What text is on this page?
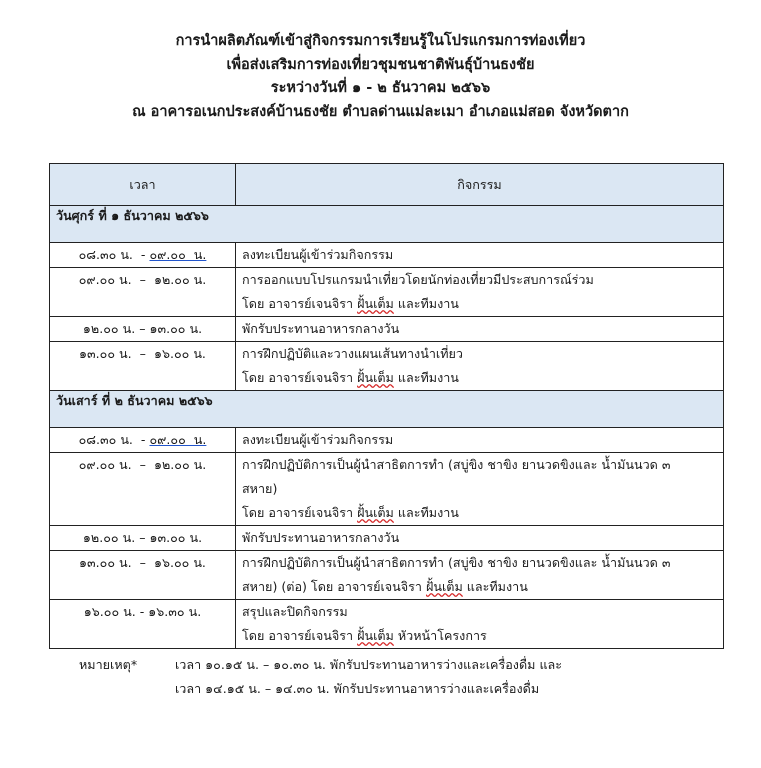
การนำผลิตภัณฑ์เข้าสู่กิจกรรมการเรียนรู้ในโปรแกรมการท่องเที่ยว
เพื่อส่งเสริมการท่องเที่ยวชุมชนชาติพันธุ์บ้านธงชัย
ระหว่างวันที่ ๑ - ๒ ธันวาคม ๒๕๖๖
ณ อาคารอเนกประสงค์บ้านธงชัย ตำบลด่านแม่ละเมา อำเภอแม่สอด จังหวัดตาก
เวลา	กิจกรรม
วันศุกร์ ที่ ๑ ธันวาคม ๒๕๖๖	
๐๘.๓๐ น.  - ๐๙.๐๐  น.	ลงทะเบียนผู้เข้าร่วมกิจกรรม

๐๙.๐๐ น.  –  ๑๒.๐๐ น.	การออกแบบโปรแกรมนำเที่ยวโดยนักท่องเที่ยวมีประสบการณ์ร่วม
โดย อาจารย์เจนจิรา ฝั้นเต็ม และทีมงาน

๑๒.๐๐ น. – ๑๓.๐๐ น.	พักรับประทานอาหารกลางวัน

๑๓.๐๐ น.  –  ๑๖.๐๐ น.	การฝึกปฏิบัติและวางแผนเส้นทางนำเที่ยว
โดย อาจารย์เจนจิรา ฝั้นเต็ม และทีมงาน

วันเสาร์ ที่ ๒ ธันวาคม ๒๕๖๖	
๐๘.๓๐ น.  - ๐๙.๐๐  น.	ลงทะเบียนผู้เข้าร่วมกิจกรรม

๐๙.๐๐ น.  –  ๑๒.๐๐ น.	การฝึกปฏิบัติการเป็นผู้นำสาธิตการทำ (สบู่ขิง ชาขิง ยานวดขิงและ น้ำมันนวด ๓
สหาย)
โดย อาจารย์เจนจิรา ฝั้นเต็ม และทีมงาน

๑๒.๐๐ น. – ๑๓.๐๐ น.	พักรับประทานอาหารกลางวัน

๑๓.๐๐ น.  –  ๑๖.๐๐ น.	การฝึกปฏิบัติการเป็นผู้นำสาธิตการทำ (สบู่ขิง ชาขิง ยานวดขิงและ น้ำมันนวด ๓
สหาย) (ต่อ) โดย อาจารย์เจนจิรา ฝั้นเต็ม และทีมงาน

๑๖.๐๐ น. - ๑๖.๓๐ น.	สรุปและปิดกิจกรรม
โดย อาจารย์เจนจิรา ฝั้นเต็ม หัวหน้าโครงการ
หมายเหตุ*	เวลา ๑๐.๑๕ น. – ๑๐.๓๐ น. พักรับประทานอาหารว่างและเครื่องดื่ม และ
เวลา ๑๔.๑๕ น. – ๑๔.๓๐ น. พักรับประทานอาหารว่างและเครื่องดื่ม
